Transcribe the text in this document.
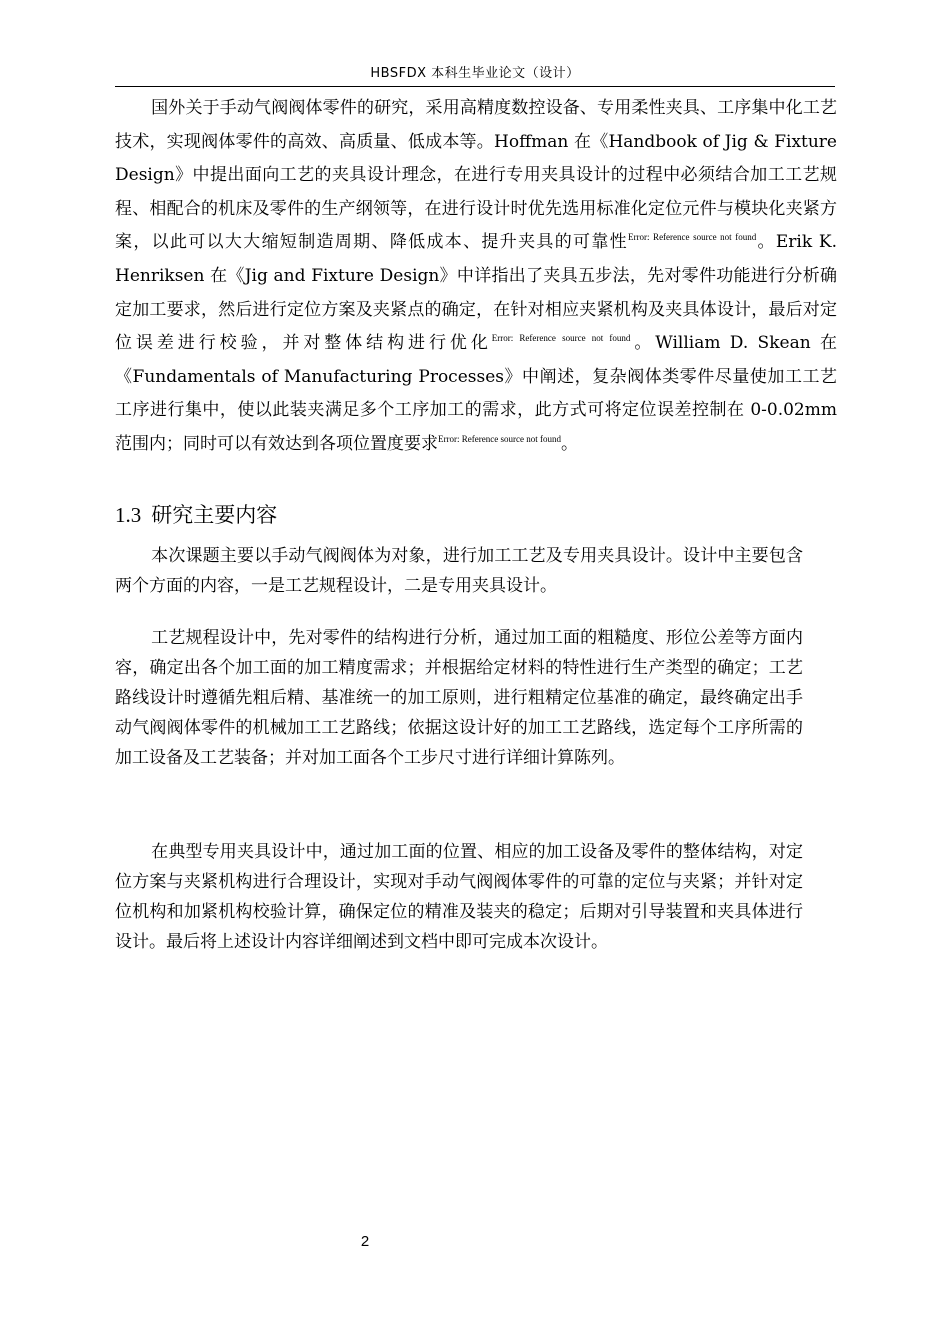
HBSFDX 本科生毕业论文（设计）
国外关于手动气阀阀体零件的研究，采用高精度数控设备、专用柔性夹具、工序集中化工艺技术，实现阀体零件的高效、高质量、低成本等。Hoffman 在《Handbook of Jig & Fixture Design》中提出面向工艺的夹具设计理念，在进行专用夹具设计的过程中必须结合加工工艺规程、相配合的机床及零件的生产纲领等，在进行设计时优先选用标准化定位元件与模块化夹紧方案，以此可以大大缩短制造周期、降低成本、提升夹具的可靠性$^{Error: Reference source not found}$。Erik K. Henriksen 在《Jig and Fixture Design》中详指出了夹具五步法，先对零件功能进行分析确定加工要求，然后进行定位方案及夹紧点的确定，在针对相应夹紧机构及夹具体设计，最后对定位误差进行校验，并对整体结构进行优化$^{Error: Reference source not found}$。William D. Skean 在《Fundamentals of Manufacturing Processes》中阐述，复杂阀体类零件尽量使加工工艺工序进行集中，使以此装夹满足多个工序加工的需求，此方式可将定位误差控制在 0-0.02mm 范围内；同时可以有效达到各项位置度要求$^{Error: Reference source not found}$。
1.3 研究主要内容
本次课题主要以手动气阀阀体为对象，进行加工工艺及专用夹具设计。设计中主要包含两个方面的内容，一是工艺规程设计，二是专用夹具设计。
工艺规程设计中，先对零件的结构进行分析，通过加工面的粗糙度、形位公差等方面内容，确定出各个加工面的加工精度需求；并根据给定材料的特性进行生产类型的确定；工艺路线设计时遵循先粗后精、基准统一的加工原则，进行粗精定位基准的确定，最终确定出手动气阀阀体零件的机械加工工艺路线；依据这设计好的加工工艺路线，选定每个工序所需的加工设备及工艺装备；并对加工面各个工步尺寸进行详细计算陈列。
在典型专用夹具设计中，通过加工面的位置、相应的加工设备及零件的整体结构，对定位方案与夹紧机构进行合理设计，实现对手动气阀阀体零件的可靠的定位与夹紧；并针对定位机构和加紧机构校验计算，确保定位的精准及装夹的稳定；后期对引导装置和夹具体进行设计。最后将上述设计内容详细阐述到文档中即可完成本次设计。
2
